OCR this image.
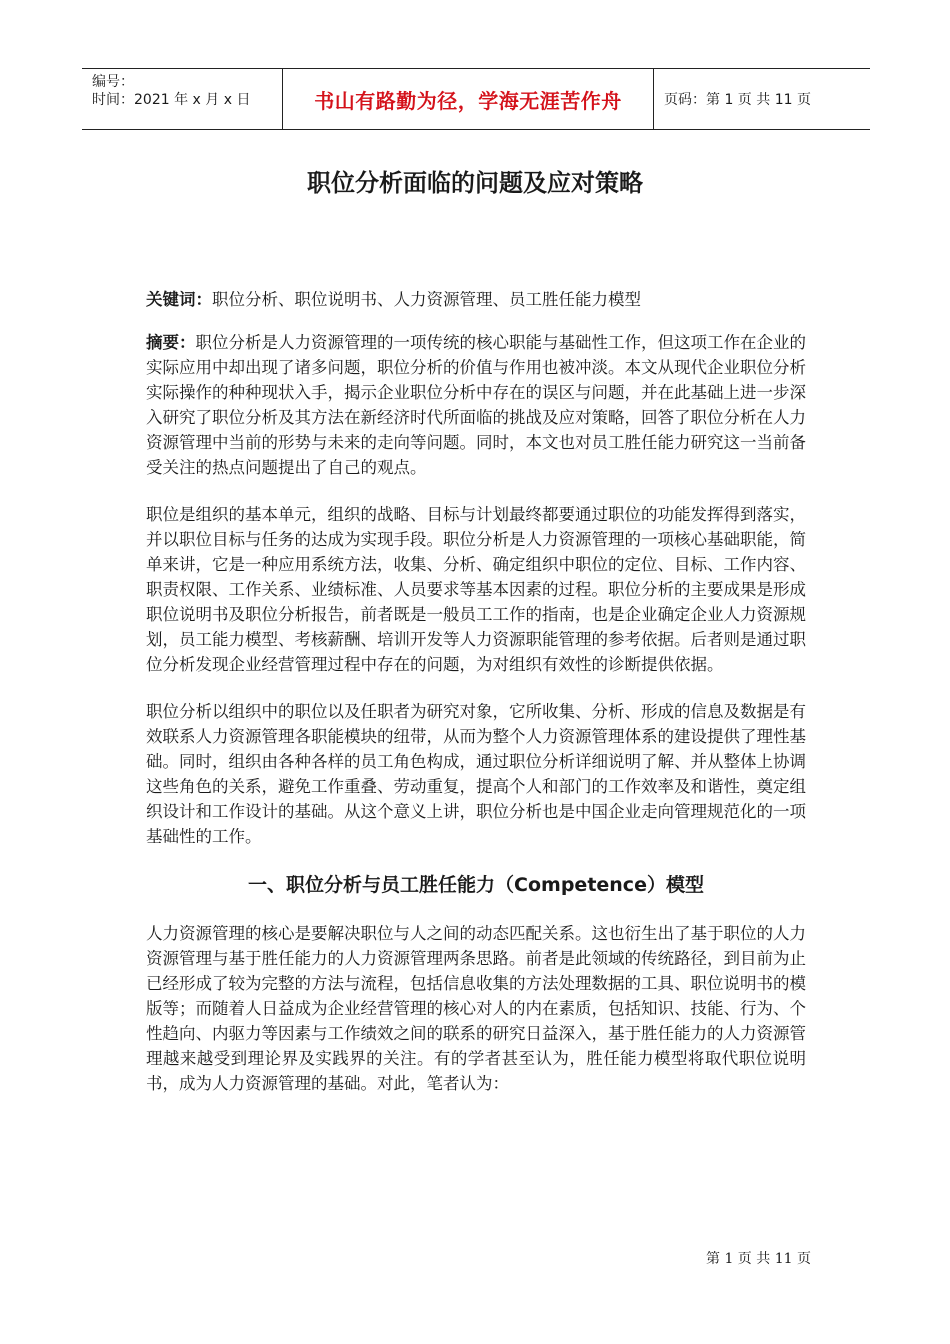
编号：
时间：2021 年 x 月 x 日	书山有路勤为径，学海无涯苦作舟	页码：第 1 页 共 11 页
职位分析面临的问题及应对策略

关键词：职位分析、职位说明书、人力资源管理、员工胜任能力模型

摘要：职位分析是人力资源管理的一项传统的核心职能与基础性工作，但这项工作在企业的实际应用中却出现了诸多问题，职位分析的价值与作用也被冲淡。本文从现代企业职位分析实际操作的种种现状入手，揭示企业职位分析中存在的误区与问题，并在此基础上进一步深入研究了职位分析及其方法在新经济时代所面临的挑战及应对策略，回答了职位分析在人力资源管理中当前的形势与未来的走向等问题。同时，本文也对员工胜任能力研究这一当前备受关注的热点问题提出了自己的观点。

职位是组织的基本单元，组织的战略、目标与计划最终都要通过职位的功能发挥得到落实，并以职位目标与任务的达成为实现手段。职位分析是人力资源管理的一项核心基础职能，简单来讲，它是一种应用系统方法，收集、分析、确定组织中职位的定位、目标、工作内容、职责权限、工作关系、业绩标准、人员要求等基本因素的过程。职位分析的主要成果是形成职位说明书及职位分析报告，前者既是一般员工工作的指南，也是企业确定企业人力资源规划，员工能力模型、考核薪酬、培训开发等人力资源职能管理的参考依据。后者则是通过职位分析发现企业经营管理过程中存在的问题，为对组织有效性的诊断提供依据。

职位分析以组织中的职位以及任职者为研究对象，它所收集、分析、形成的信息及数据是有效联系人力资源管理各职能模块的纽带，从而为整个人力资源管理体系的建设提供了理性基础。同时，组织由各种各样的员工角色构成，通过职位分析详细说明了解、并从整体上协调这些角色的关系，避免工作重叠、劳动重复，提高个人和部门的工作效率及和谐性，奠定组织设计和工作设计的基础。从这个意义上讲，职位分析也是中国企业走向管理规范化的一项基础性的工作。

一、职位分析与员工胜任能力（Competence）模型

人力资源管理的核心是要解决职位与人之间的动态匹配关系。这也衍生出了基于职位的人力资源管理与基于胜任能力的人力资源管理两条思路。前者是此领域的传统路径，到目前为止已经形成了较为完整的方法与流程，包括信息收集的方法处理数据的工具、职位说明书的模版等；而随着人日益成为企业经营管理的核心对人的内在素质，包括知识、技能、行为、个性趋向、内驱力等因素与工作绩效之间的联系的研究日益深入，基于胜任能力的人力资源管理越来越受到理论界及实践界的关注。有的学者甚至认为，胜任能力模型将取代职位说明书，成为人力资源管理的基础。对此，笔者认为：

第 1 页 共 11 页
